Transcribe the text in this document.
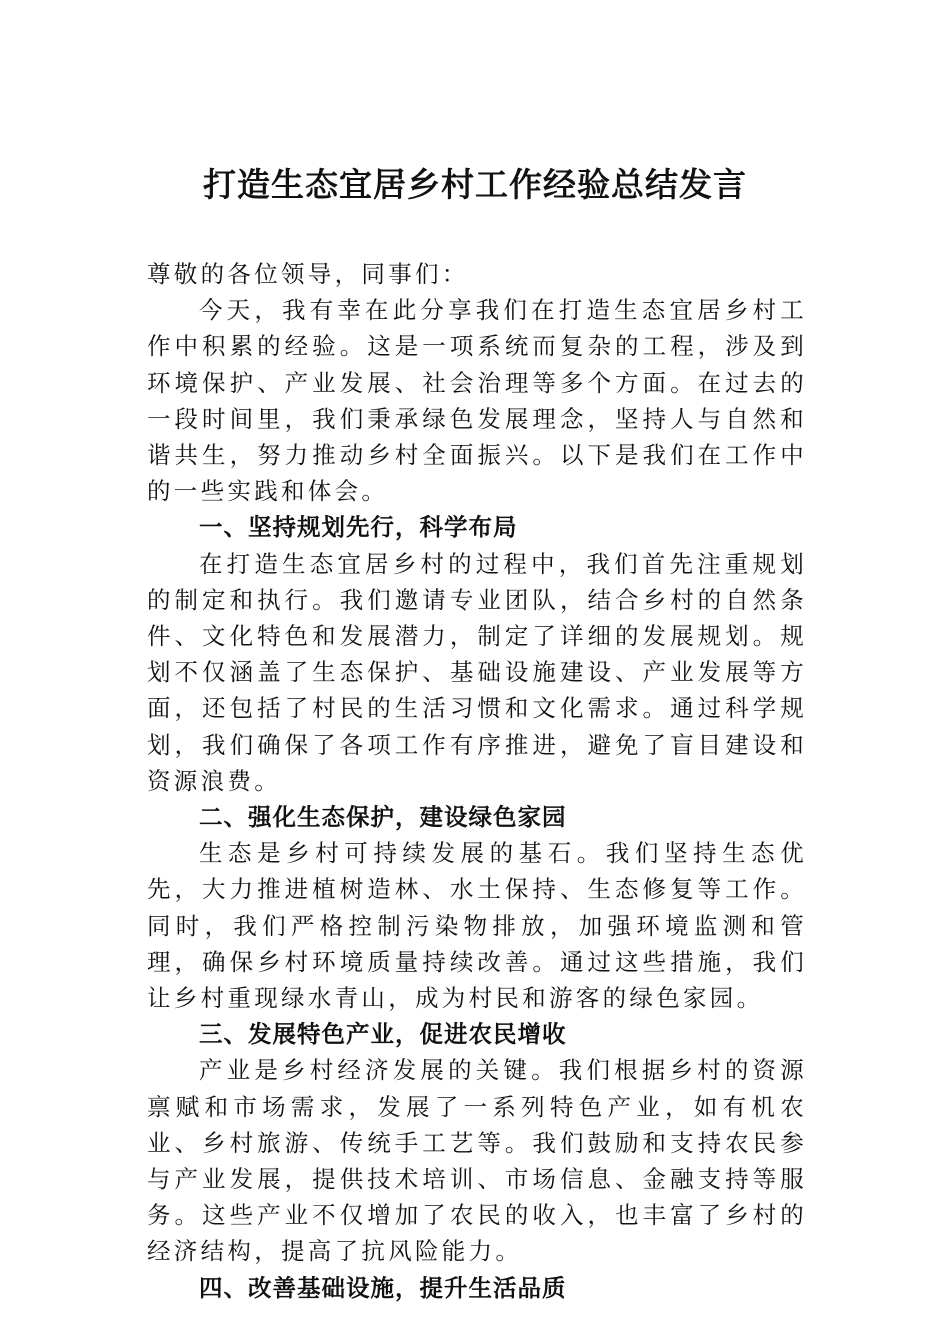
打造生态宜居乡村工作经验总结发言

尊敬的各位领导，同事们：

今天，我有幸在此分享我们在打造生态宜居乡村工作中积累的经验。这是一项系统而复杂的工程，涉及到环境保护、产业发展、社会治理等多个方面。在过去的一段时间里，我们秉承绿色发展理念，坚持人与自然和谐共生，努力推动乡村全面振兴。以下是我们在工作中的一些实践和体会。

一、坚持规划先行，科学布局

在打造生态宜居乡村的过程中，我们首先注重规划的制定和执行。我们邀请专业团队，结合乡村的自然条件、文化特色和发展潜力，制定了详细的发展规划。规划不仅涵盖了生态保护、基础设施建设、产业发展等方面，还包括了村民的生活习惯和文化需求。通过科学规划，我们确保了各项工作有序推进，避免了盲目建设和资源浪费。

二、强化生态保护，建设绿色家园

生态是乡村可持续发展的基石。我们坚持生态优先，大力推进植树造林、水土保持、生态修复等工作。同时，我们严格控制污染物排放，加强环境监测和管理，确保乡村环境质量持续改善。通过这些措施，我们让乡村重现绿水青山，成为村民和游客的绿色家园。

三、发展特色产业，促进农民增收

产业是乡村经济发展的关键。我们根据乡村的资源禀赋和市场需求，发展了一系列特色产业，如有机农业、乡村旅游、传统手工艺等。我们鼓励和支持农民参与产业发展，提供技术培训、市场信息、金融支持等服务。这些产业不仅增加了农民的收入，也丰富了乡村的经济结构，提高了抗风险能力。

四、改善基础设施，提升生活品质
